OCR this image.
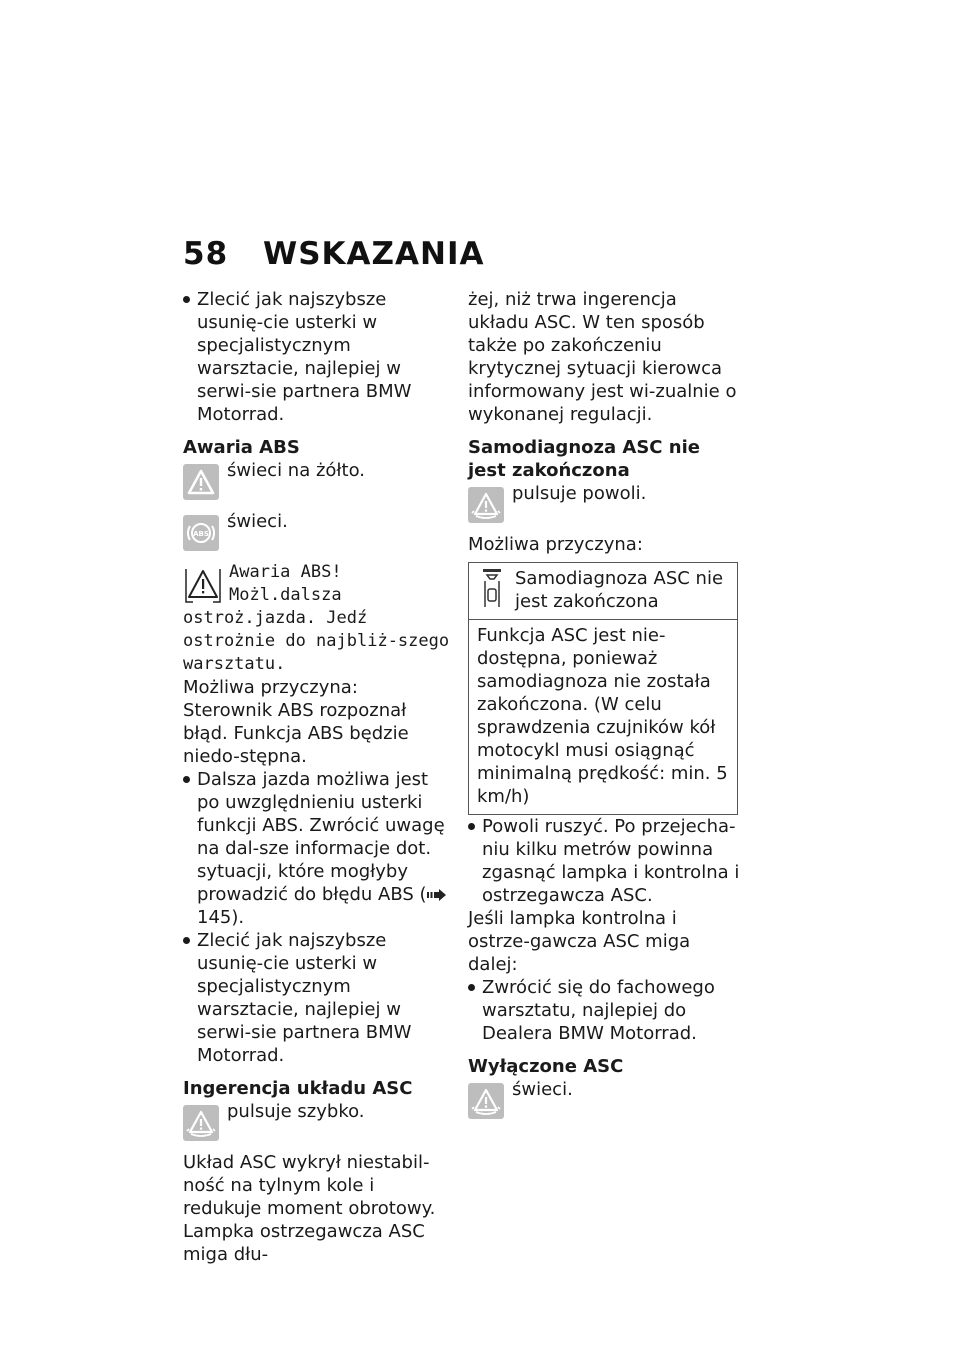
58 WSKAZANIA

Zlecić jak najszybsze usunię-cie usterki w specjalistycznym warsztacie, najlepiej w serwi-sie partnera BMW Motorrad.

Awaria ABS

świeci na żółto.

ABS

świeci.

Awaria ABS!

Możl.dalsza

ostroż.jazda. Jedź ostrożnie do najbliż-szego warsztatu.

Możliwa przyczyna:

Sterownik ABS rozpoznał błąd. Funkcja ABS będzie niedo-stępna.

Dalsza jazda możliwa jest po uwzględnieniu usterki funkcji ABS. Zwrócić uwagę na dal-sze informacje dot. sytuacji, które mogłyby prowadzić do błędu ABS ( 145).

Zlecić jak najszybsze usunię-cie usterki w specjalistycznym warsztacie, najlepiej w serwi-sie partnera BMW Motorrad.

Ingerencja układu ASC

pulsuje szybko.

Układ ASC wykrył niestabil-ność na tylnym kole i redukuje moment obrotowy. Lampka ostrzegawcza ASC miga dłu-

żej, niż trwa ingerencja układu ASC. W ten sposób także po zakończeniu krytycznej sytuacji kierowca informowany jest wi-zualnie o wykonanej regulacji.

Samodiagnoza ASC nie jest zakończona

pulsuje powoli.

Możliwa przyczyna:

Samodiagnoza ASC nie jest zakończona
Funkcja ASC jest nie-dostępna, ponieważ samodiagnoza nie została zakończona. (W celu sprawdzenia czujników kół motocykl musi osiągnąć minimalną prędkość: min. 5 km/h)

Powoli ruszyć. Po przejecha-niu kilku metrów powinna zgasnąć lampka i kontrolna i ostrzegawcza ASC.

Jeśli lampka kontrolna i ostrze-gawcza ASC miga dalej:

Zwrócić się do fachowego warsztatu, najlepiej do Dealera BMW Motorrad.

Wyłączone ASC

świeci.
